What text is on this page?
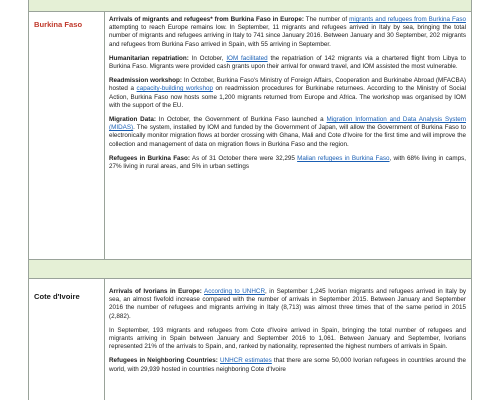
Burkina Faso

Arrivals of migrants and refugees* from Burkina Faso in Europe: The number of migrants and refugees from Burkina Faso attempting to reach Europe remains low. In September, 11 migrants and refugees arrived in Italy by sea, bringing the total number of migrants and refugees arriving in Italy to 741 since January 2016. Between January and 30 September, 202 migrants and refugees from Burkina Faso arrived in Spain, with 55 arriving in September.

Humanitarian repatriation: In October, IOM facilitated the repatriation of 142 migrants via a chartered flight from Libya to Burkina Faso. Migrants were provided cash grants upon their arrival for onward travel, and IOM assisted the most vulnerable.

Readmission workshop: In October, Burkina Faso's Ministry of Foreign Affairs, Cooperation and Burkinabe Abroad (MFACBA) hosted a capacity-building workshop on readmission procedures for Burkinabe returnees. According to the Ministry of Social Action, Burkina Faso now hosts some 1,200 migrants returned from Europe and Africa. The workshop was organised by IOM with the support of the EU.

Migration Data: In October, the Government of Burkina Faso launched a Migration Information and Data Analysis System (MIDAS). The system, installed by IOM and funded by the Government of Japan, will allow the Government of Burkina Faso to electronically monitor migration flows at border crossing with Ghana, Mali and Cote d'Ivoire for the first time and will improve the collection and management of data on migration flows in Burkina Faso and the region.

Refugees in Burkina Faso: As of 31 October there were 32,295 Malian refugees in Burkina Faso, with 68% living in camps, 27% living in rural areas, and 5% in urban settings

Cote d'Ivoire

Arrivals of Ivorians in Europe: According to UNHCR, in September 1,245 Ivorian migrants and refugees arrived in Italy by sea, an almost fivefold increase compared with the number of arrivals in September 2015. Between January and September 2016 the number of refugees and migrants arriving in Italy (8,713) was almost three times that of the same period in 2015 (2,882).

In September, 193 migrants and refugees from Cote d'Ivoire arrived in Spain, bringing the total number of refugees and migrants arriving in Spain between January and September 2016 to 1,061. Between January and September, Ivorians represented 21% of the arrivals to Spain, and, ranked by nationality, represented the highest numbers of arrivals in Spain.

Refugees in Neighboring Countries: UNHCR estimates that there are some 50,000 Ivorian refugees in countries around the world, with 29,939 hosted in countries neighboring Cote d'Ivoire
